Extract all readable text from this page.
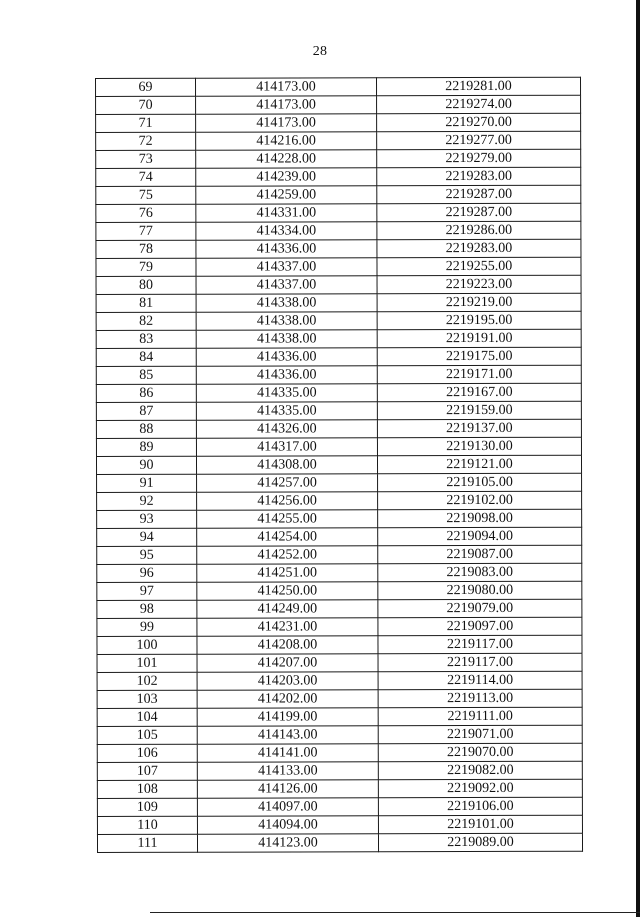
28
69	414173.00	2219281.00
70	414173.00	2219274.00
71	414173.00	2219270.00
72	414216.00	2219277.00
73	414228.00	2219279.00
74	414239.00	2219283.00
75	414259.00	2219287.00
76	414331.00	2219287.00
77	414334.00	2219286.00
78	414336.00	2219283.00
79	414337.00	2219255.00
80	414337.00	2219223.00
81	414338.00	2219219.00
82	414338.00	2219195.00
83	414338.00	2219191.00
84	414336.00	2219175.00
85	414336.00	2219171.00
86	414335.00	2219167.00
87	414335.00	2219159.00
88	414326.00	2219137.00
89	414317.00	2219130.00
90	414308.00	2219121.00
91	414257.00	2219105.00
92	414256.00	2219102.00
93	414255.00	2219098.00
94	414254.00	2219094.00
95	414252.00	2219087.00
96	414251.00	2219083.00
97	414250.00	2219080.00
98	414249.00	2219079.00
99	414231.00	2219097.00
100	414208.00	2219117.00
101	414207.00	2219117.00
102	414203.00	2219114.00
103	414202.00	2219113.00
104	414199.00	2219111.00
105	414143.00	2219071.00
106	414141.00	2219070.00
107	414133.00	2219082.00
108	414126.00	2219092.00
109	414097.00	2219106.00
110	414094.00	2219101.00
111	414123.00	2219089.00
